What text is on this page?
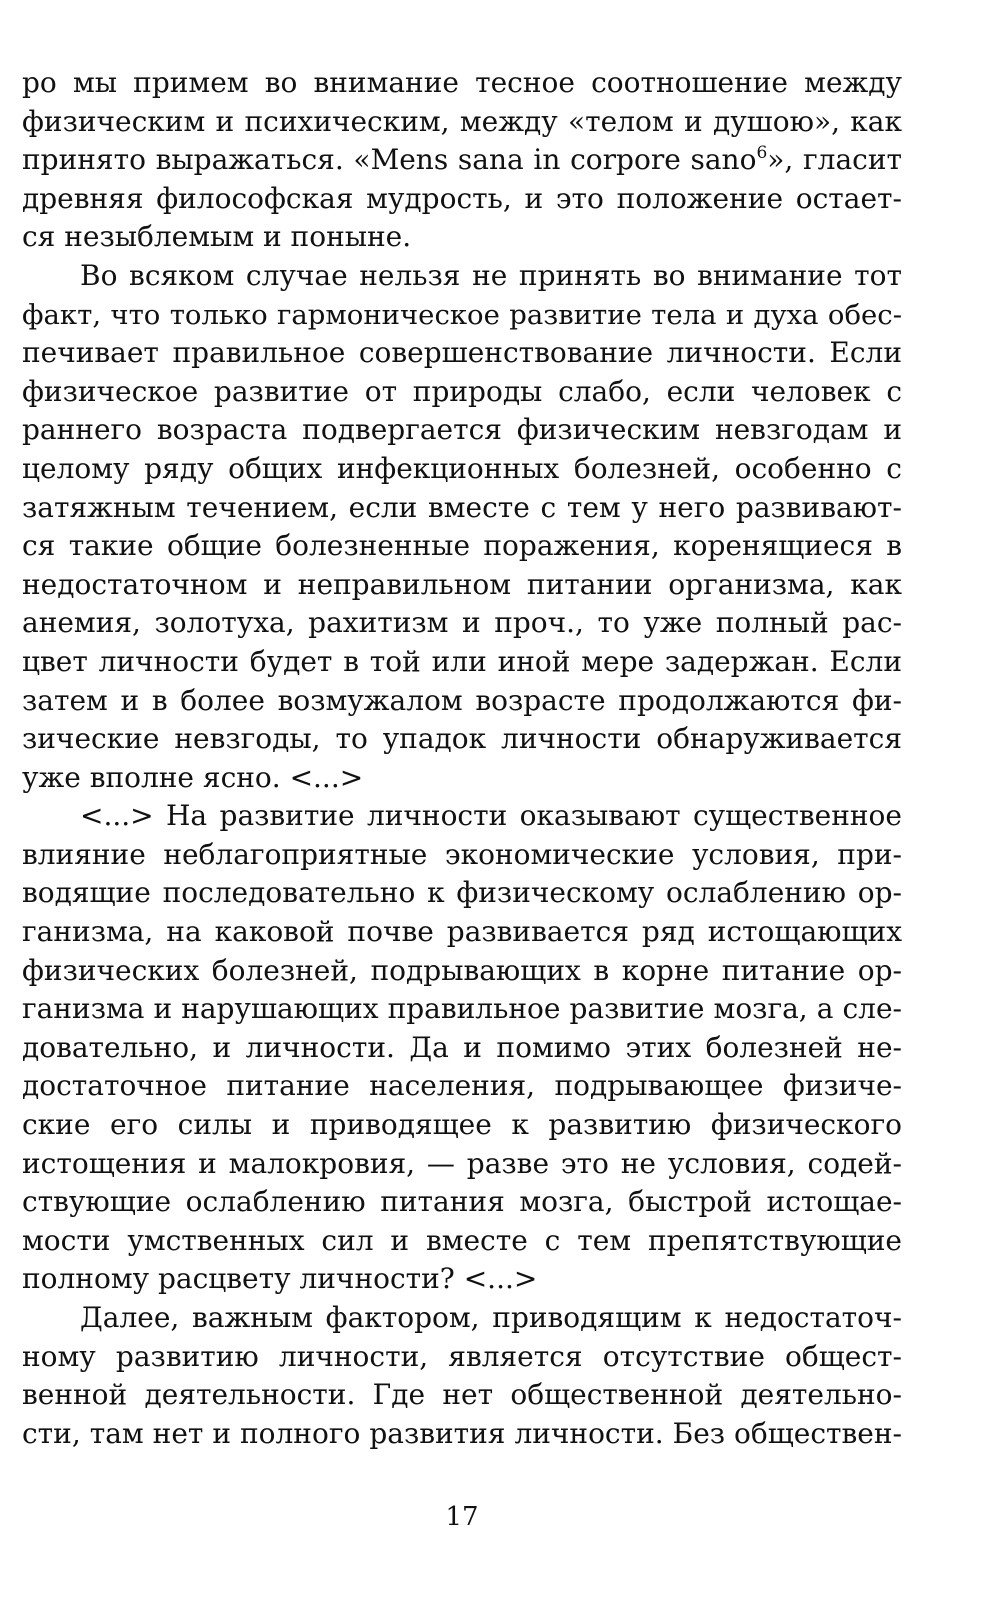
ро мы примем во внимание тесное соотношение между
физическим и психическим, между «телом и душою», как
принято выражаться. «Mens sana in corpore sano$^6$», гласит
древняя философская мудрость, и это положение остает-
ся незыблемым и поныне.
Во всяком случае нельзя не принять во внимание тот
факт, что только гармоническое развитие тела и духа обес-
печивает правильное совершенствование личности. Если
физическое развитие от природы слабо, если человек с
раннего возраста подвергается физическим невзгодам и
целому ряду общих инфекционных болезней, особенно с
затяжным течением, если вместе с тем у него развивают-
ся такие общие болезненные поражения, коренящиеся в
недостаточном и неправильном питании организма, как
анемия, золотуха, рахитизм и проч., то уже полный рас-
цвет личности будет в той или иной мере задержан. Если
затем и в более возмужалом возрасте продолжаются фи-
зические невзгоды, то упадок личности обнаруживается
уже вполне ясно. <...>
<...> На развитие личности оказывают существенное
влияние неблагоприятные экономические условия, при-
водящие последовательно к физическому ослаблению ор-
ганизма, на каковой почве развивается ряд истощающих
физических болезней, подрывающих в корне питание ор-
ганизма и нарушающих правильное развитие мозга, а сле-
довательно, и личности. Да и помимо этих болезней не-
достаточное питание населения, подрывающее физиче-
ские его силы и приводящее к развитию физического
истощения и малокровия, — разве это не условия, содей-
ствующие ослаблению питания мозга, быстрой истощае-
мости умственных сил и вместе с тем препятствующие
полному расцвету личности? <...>
Далее, важным фактором, приводящим к недостаточ-
ному развитию личности, является отсутствие общест-
венной деятельности. Где нет общественной деятельно-
сти, там нет и полного развития личности. Без обществен-
17
